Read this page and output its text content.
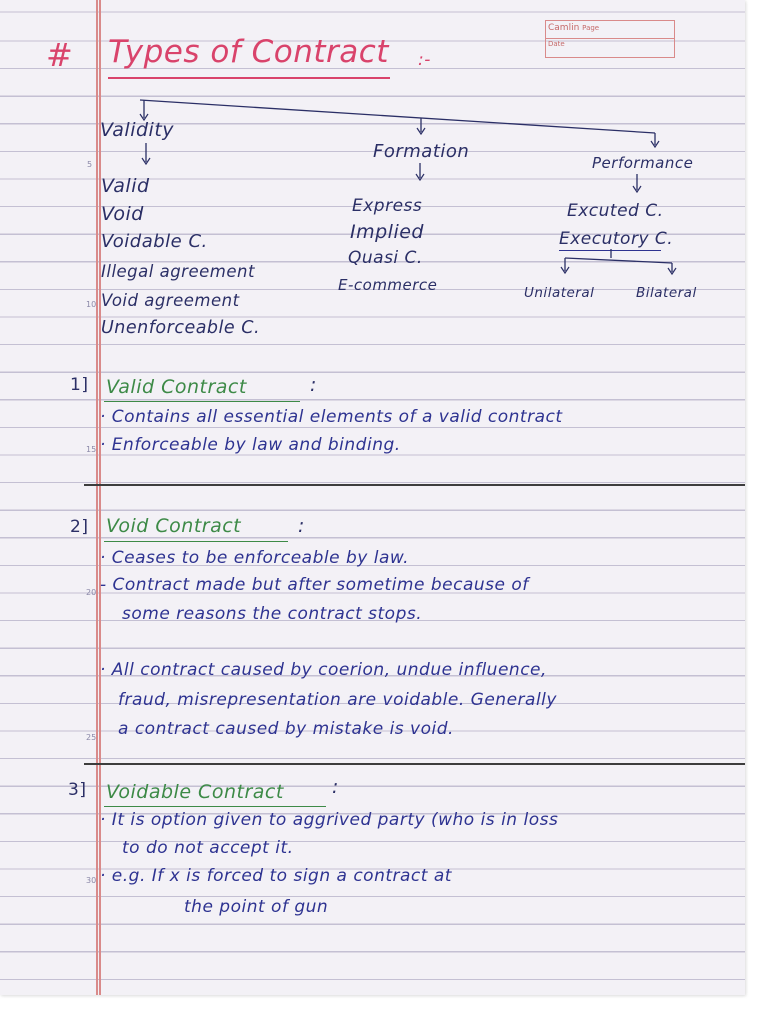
Camlin Page
Date
# Types of Contract :-
Validity
Formation
Performance
Valid
Void
Voidable C.
Illegal agreement
Void agreement
Unenforceable C.
Express
Implied
Quasi C.
E-commerce
Excuted C.
Executory C.
Unilateral	Bilateral
1] Valid Contract	:
· Contains all essential elements of a valid contract
· Enforceable by law and binding.
2] Void Contract	:
· Ceases to be enforceable by law.
- Contract made but after sometime because of
some reasons the contract stops.
· All contract caused by coerion, undue influence,
fraud, misrepresentation are voidable. Generally
a contract caused by mistake is void.
3] Voidable Contract	:
· It is option given to aggrived party (who is in loss
to do not accept it.
· e.g. If x is forced to sign a contract at
the point of gun
5
10
15
20
25
30
